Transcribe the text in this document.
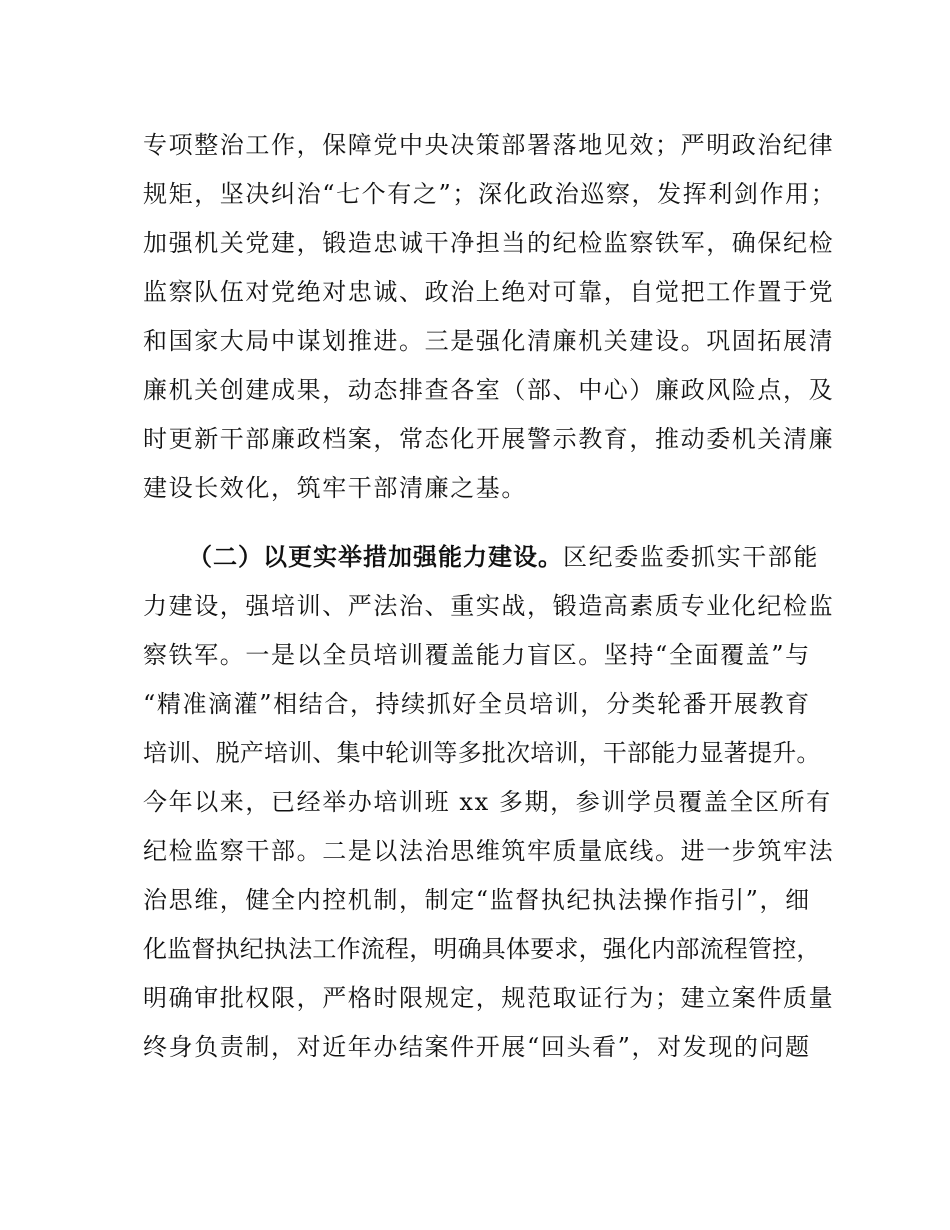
专项整治工作，保障党中央决策部署落地见效；严明政治纪律
规矩，坚决纠治“七个有之”；深化政治巡察，发挥利剑作用；
加强机关党建，锻造忠诚干净担当的纪检监察铁军，确保纪检
监察队伍对党绝对忠诚、政治上绝对可靠，自觉把工作置于党
和国家大局中谋划推进。三是强化清廉机关建设。巩固拓展清
廉机关创建成果，动态排查各室（部、中心）廉政风险点，及
时更新干部廉政档案，常态化开展警示教育，推动委机关清廉
建设长效化，筑牢干部清廉之基。
（二）以更实举措加强能力建设。区纪委监委抓实干部能
力建设，强培训、严法治、重实战，锻造高素质专业化纪检监
察铁军。一是以全员培训覆盖能力盲区。坚持“全面覆盖”与
“精准滴灌”相结合，持续抓好全员培训，分类轮番开展教育
培训、脱产培训、集中轮训等多批次培训，干部能力显著提升。
今年以来，已经举办培训班 xx 多期，参训学员覆盖全区所有
纪检监察干部。二是以法治思维筑牢质量底线。进一步筑牢法
治思维，健全内控机制，制定“监督执纪执法操作指引”，细
化监督执纪执法工作流程，明确具体要求，强化内部流程管控，
明确审批权限，严格时限规定，规范取证行为；建立案件质量
终身负责制，对近年办结案件开展“回头看”，对发现的问题
